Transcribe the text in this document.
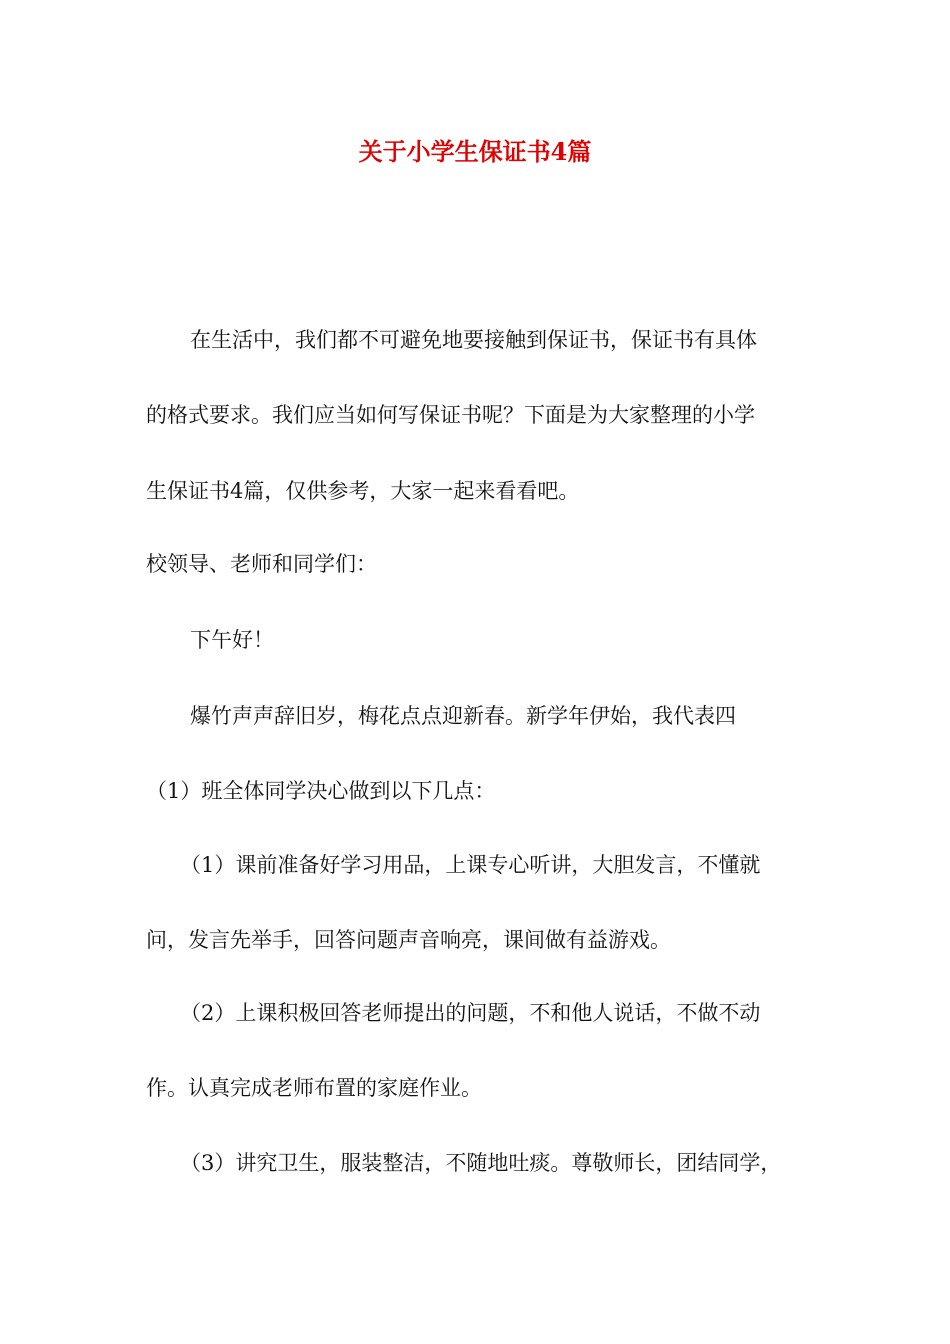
关于小学生保证书4篇

在生活中，我们都不可避免地要接触到保证书，保证书有具体

的格式要求。我们应当如何写保证书呢？下面是为大家整理的小学

生保证书4篇，仅供参考，大家一起来看看吧。

校领导、老师和同学们：

下午好！

爆竹声声辞旧岁，梅花点点迎新春。新学年伊始，我代表四

（1）班全体同学决心做到以下几点：

（1）课前准备好学习用品，上课专心听讲，大胆发言，不懂就

问，发言先举手，回答问题声音响亮，课间做有益游戏。

（2）上课积极回答老师提出的问题，不和他人说话，不做不动

作。认真完成老师布置的家庭作业。

（3）讲究卫生，服装整洁，不随地吐痰。尊敬师长，团结同学，
